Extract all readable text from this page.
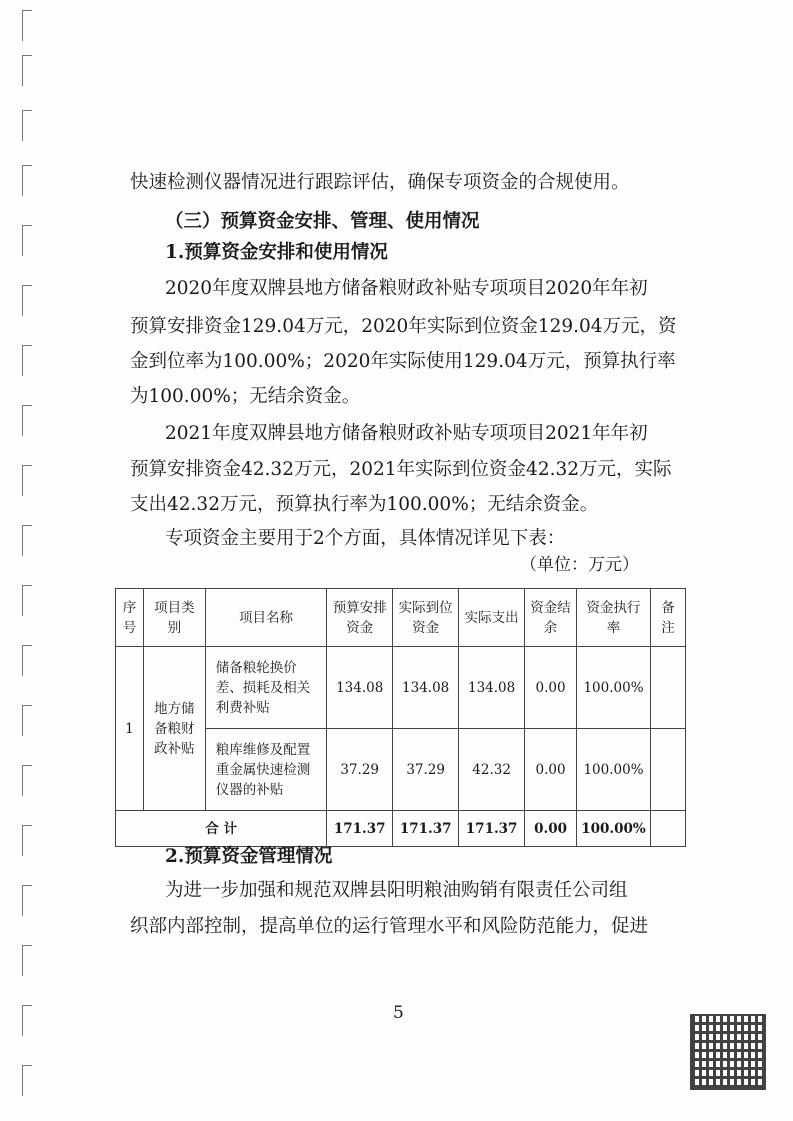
快速检测仪器情况进行跟踪评估，确保专项资金的合规使用。
（三）预算资金安排、管理、使用情况
1.预算资金安排和使用情况
2020年度双牌县地方储备粮财政补贴专项项目2020年年初
预算安排资金129.04万元，2020年实际到位资金129.04万元，资
金到位率为100.00%；2020年实际使用129.04万元，预算执行率
为100.00%；无结余资金。
2021年度双牌县地方储备粮财政补贴专项项目2021年年初
预算安排资金42.32万元，2021年实际到位资金42.32万元，实际
支出42.32万元，预算执行率为100.00%；无结余资金。
专项资金主要用于2个方面，具体情况详见下表：
（单位：万元）
序号	项目类别	项目名称	预算安排资金	实际到位资金	实际支出	资金结余	资金执行率	备注
1	地方储备粮财政补贴	储备粮轮换价差、损耗及相关利费补贴	134.08	134.08	134.08	0.00	100.00%	
		粮库维修及配置重金属快速检测仪器的补贴	37.29	37.29	42.32	0.00	100.00%	
合 计			171.37	171.37	171.37	0.00	100.00%	
2.预算资金管理情况
为进一步加强和规范双牌县阳明粮油购销有限责任公司组
织部内部控制，提高单位的运行管理水平和风险防范能力，促进
5
